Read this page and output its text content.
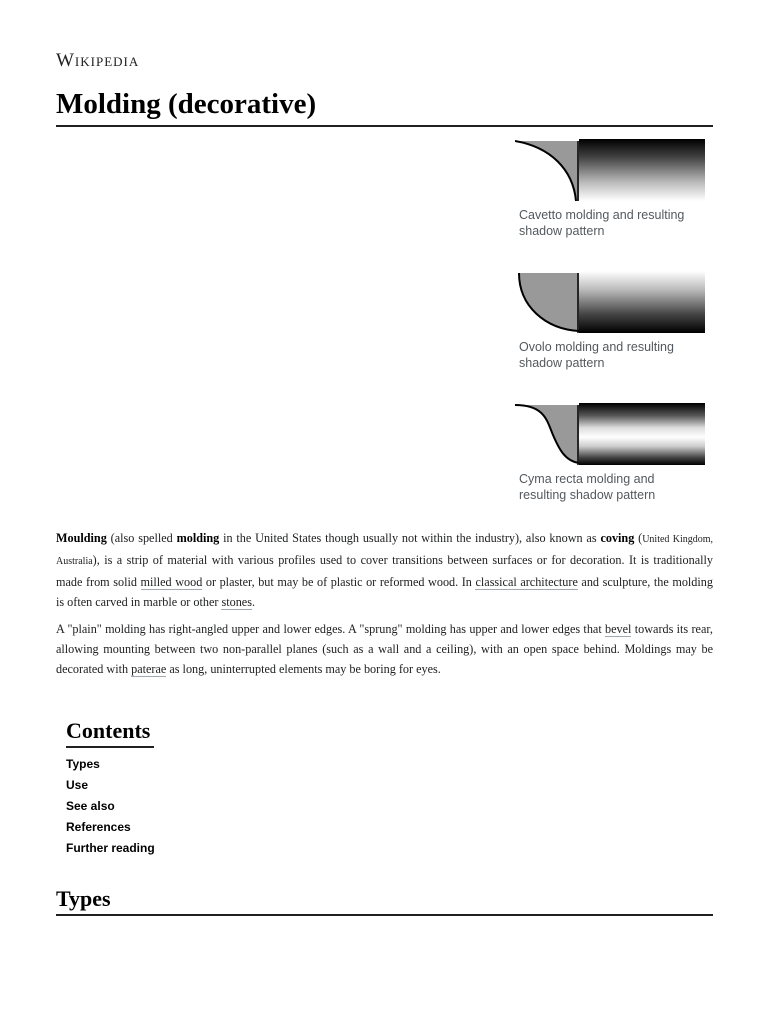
Wikipedia
Molding (decorative)
Cavetto molding and resulting shadow pattern
Ovolo molding and resulting shadow pattern
Cyma recta molding and resulting shadow pattern

Moulding (also spelled molding in the United States though usually not within the industry), also known as coving (United Kingdom, Australia), is a strip of material with various profiles used to cover transitions between surfaces or for decoration. It is traditionally made from solid milled wood or plaster, but may be of plastic or reformed wood. In classical architecture and sculpture, the molding is often carved in marble or other stones.

A "plain" molding has right-angled upper and lower edges. A "sprung" molding has upper and lower edges that bevel towards its rear, allowing mounting between two non-parallel planes (such as a wall and a ceiling), with an open space behind. Moldings may be decorated with paterae as long, uninterrupted elements may be boring for eyes.

Contents
Types
Use
See also
References
Further reading
Types
